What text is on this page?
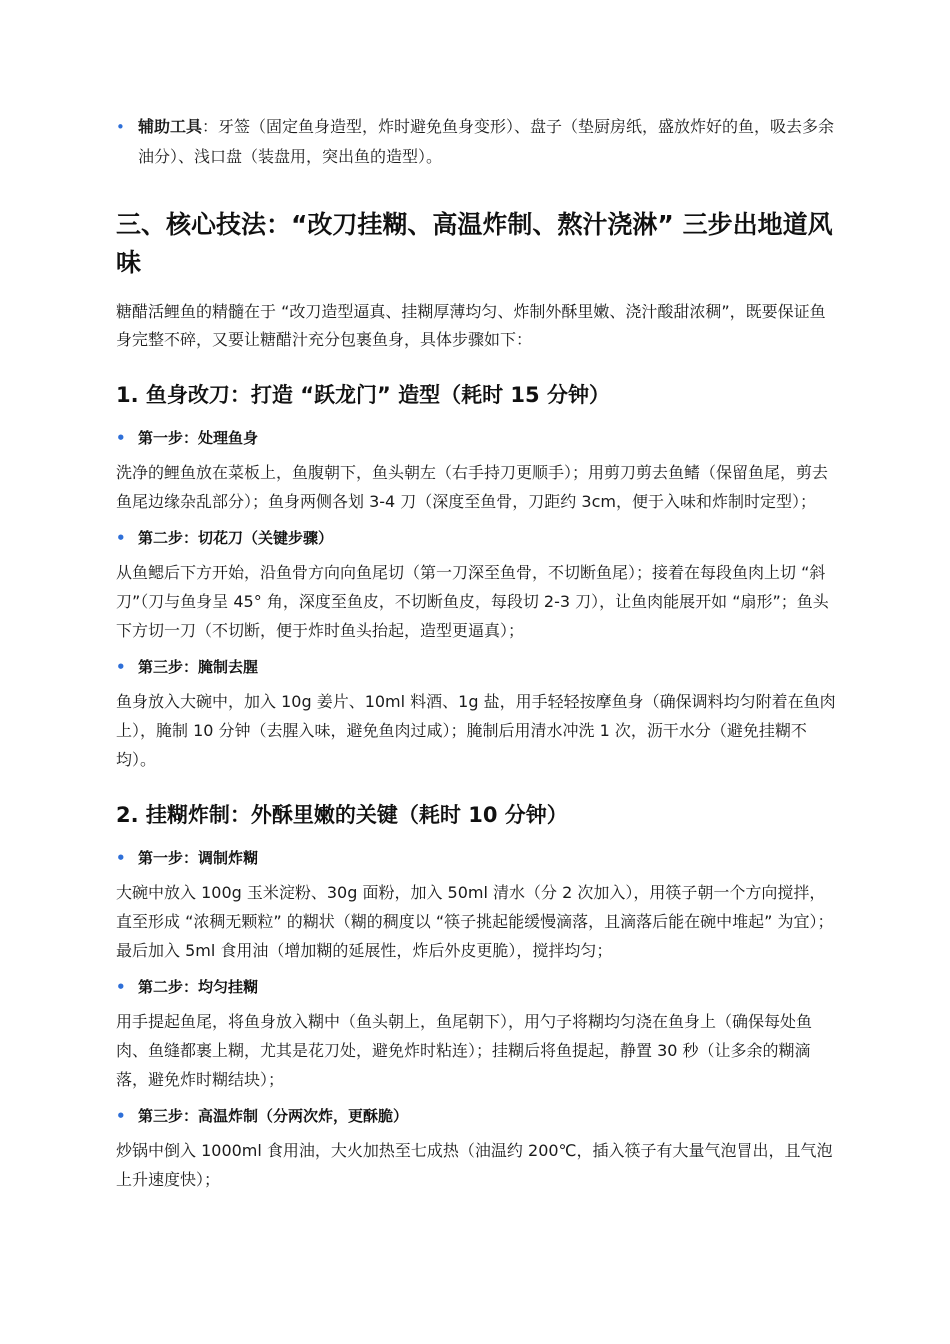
• 辅助工具：牙签（固定鱼身造型，炸时避免鱼身变形）、盘子（垫厨房纸，盛放炸好的鱼，吸去多余油分）、浅口盘（装盘用，突出鱼的造型）。
三、核心技法：“改刀挂糊、高温炸制、熬汁浇淋” 三步出地道风味

糖醋活鲤鱼的精髓在于 “改刀造型逼真、挂糊厚薄均匀、炸制外酥里嫩、浇汁酸甜浓稠”，既要保证鱼身完整不碎，又要让糖醋汁充分包裹鱼身，具体步骤如下：

1. 鱼身改刀：打造 “跃龙门” 造型（耗时 15 分钟）
• 第一步：处理鱼身

洗净的鲤鱼放在菜板上，鱼腹朝下，鱼头朝左（右手持刀更顺手）；用剪刀剪去鱼鳍（保留鱼尾，剪去鱼尾边缘杂乱部分）；鱼身两侧各划 3-4 刀（深度至鱼骨，刀距约 3cm，便于入味和炸制时定型）；

• 第二步：切花刀（关键步骤）

从鱼鳃后下方开始，沿鱼骨方向向鱼尾切（第一刀深至鱼骨，不切断鱼尾）；接着在每段鱼肉上切 “斜刀”（刀与鱼身呈 45° 角，深度至鱼皮，不切断鱼皮，每段切 2-3 刀），让鱼肉能展开如 “扇形”；鱼头下方切一刀（不切断，便于炸时鱼头抬起，造型更逼真）；

• 第三步：腌制去腥

鱼身放入大碗中，加入 10g 姜片、10ml 料酒、1g 盐，用手轻轻按摩鱼身（确保调料均匀附着在鱼肉上），腌制 10 分钟（去腥入味，避免鱼肉过咸）；腌制后用清水冲洗 1 次，沥干水分（避免挂糊不均）。

2. 挂糊炸制：外酥里嫩的关键（耗时 10 分钟）
• 第一步：调制炸糊

大碗中放入 100g 玉米淀粉、30g 面粉，加入 50ml 清水（分 2 次加入），用筷子朝一个方向搅拌，直至形成 “浓稠无颗粒” 的糊状（糊的稠度以 “筷子挑起能缓慢滴落，且滴落后能在碗中堆起” 为宜）；最后加入 5ml 食用油（增加糊的延展性，炸后外皮更脆），搅拌均匀；

• 第二步：均匀挂糊

用手提起鱼尾，将鱼身放入糊中（鱼头朝上，鱼尾朝下），用勺子将糊均匀浇在鱼身上（确保每处鱼肉、鱼缝都裹上糊，尤其是花刀处，避免炸时粘连）；挂糊后将鱼提起，静置 30 秒（让多余的糊滴落，避免炸时糊结块）；

• 第三步：高温炸制（分两次炸，更酥脆）

炒锅中倒入 1000ml 食用油，大火加热至七成热（油温约 200℃，插入筷子有大量气泡冒出，且气泡上升速度快）；
